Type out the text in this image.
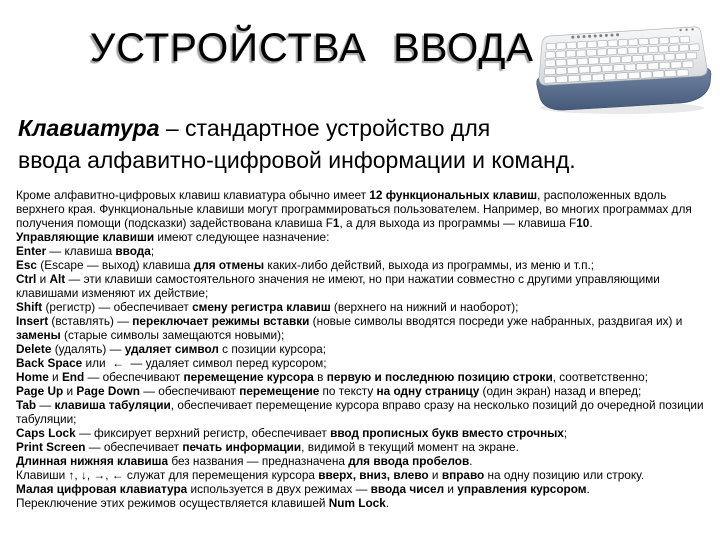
УСТРОЙСТВА ВВОДА
Клавиатура – стандартное устройство для
ввода алфавитно-цифровой информации и команд.

Кроме алфавитно-цифровых клавиш клавиатура обычно имеет 12 функциональных клавиш, расположенных вдоль верхнего края. Функциональные клавиши могут программироваться пользователем. Например, во многих программах для получения помощи (подсказки) задействована клавиша F1, а для выхода из программы — клавиша F10.

Управляющие клавиши имеют следующее назначение:

Enter — клавиша ввода;

Esc (Escape — выход) клавиша для отмены каких-либо действий, выхода из программы, из меню и т.п.;

Ctrl и Alt — эти клавиши самостоятельного значения не имеют, но при нажатии совместно с другими управляющими клавишами изменяют их действие;

Shift (регистр) — обеспечивает смену регистра клавиш (верхнего на нижний и наоборот);

Insert (вставлять) — переключает режимы вставки (новые символы вводятся посреди уже набранных, раздвигая их) и замены (старые символы замещаются новыми);

Delete (удалять) — удаляет символ с позиции курсора;

Back Space или  ←  — удаляет символ перед курсором;

Home и End — обеспечивают перемещение курсора в первую и последнюю позицию строки, соответственно;

Page Up и Page Down — обеспечивают перемещение по тексту на одну страницу (один экран) назад и вперед;

Tab — клавиша табуляции, обеспечивает перемещение курсора вправо сразу на несколько позиций до очередной позиции табуляции;

Caps Lock — фиксирует верхний регистр, обеспечивает ввод прописных букв вместо строчных;

Print Screen — обеспечивает печать информации, видимой в текущий момент на экране.

Длинная нижняя клавиша без названия — предназначена для ввода пробелов.

Клавиши ↑, ↓, →, ← служат для перемещения курсора вверх, вниз, влево и вправо на одну позицию или строку.

Малая цифровая клавиатура используется в двух режимах — ввода чисел и управления курсором.

Переключение этих режимов осуществляется клавишей Num Lock.
